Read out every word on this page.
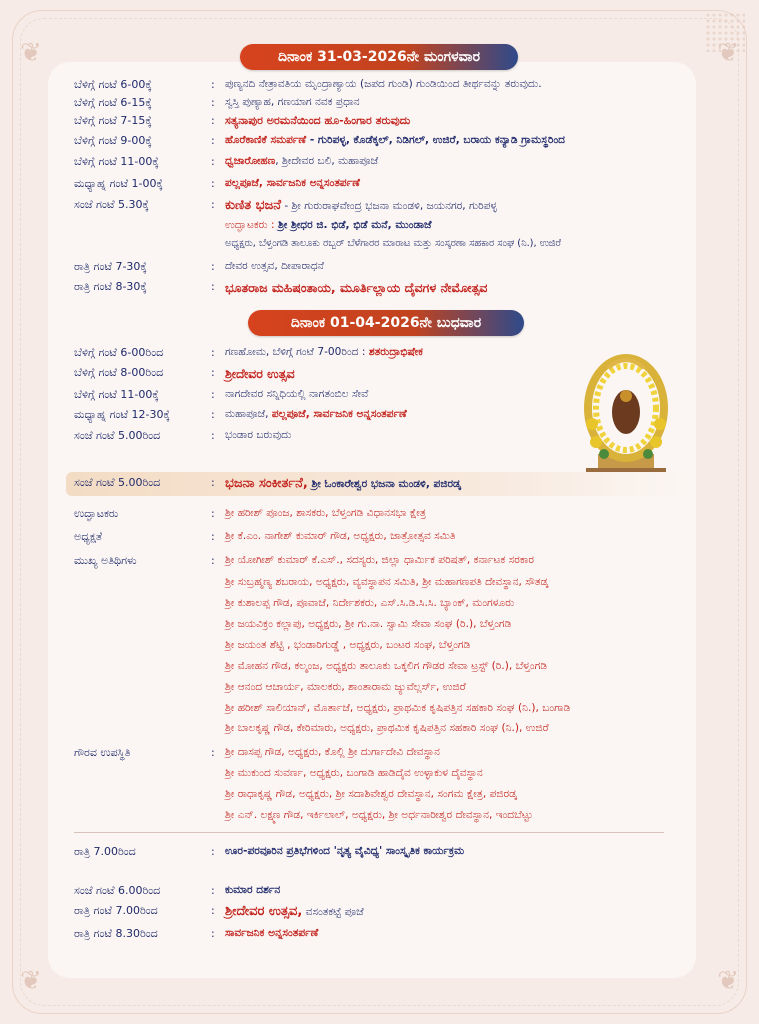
❦	❦
❦	❦
ದಿನಾಂಕ 31-03-2026ನೇ ಮಂಗಳವಾರ
ಬೆಳಿಗ್ಗೆ ಗಂಟೆ 6-00ಕ್ಕೆ	: ಪುಣ್ಯನದಿ ನೇತ್ರಾವತಿಯ ಮೃಂದ್ರಾಣ್ಯಾಯ (ಜಪದ ಗುಂಡಿ) ಗುಂಡಿಯಿಂದ ತೀರ್ಥವನ್ನು ತರುವುದು.
ಬೆಳಿಗ್ಗೆ ಗಂಟೆ 6-15ಕ್ಕೆ	: ಸ್ವಸ್ತಿ ಪುಣ್ಯಾಹ, ಗಣಯಾಗ ನವಕ ಪ್ರಧಾನ
ಬೆಳಿಗ್ಗೆ ಗಂಟೆ 7-15ಕ್ಕೆ	: ಸತ್ಯನಾಪುರ ಅರಮನೆಯಿಂದ ಹೂ-ಹಿಂಗಾರ ತರುವುದು
ಬೆಳಿಗ್ಗೆ ಗಂಟೆ 9-00ಕ್ಕೆ	: ಹೊರೆಕಾಣಿಕೆ ಸಮರ್ಪಣೆ - ಗುರಿಪಳ್ಳ, ಕೊಡೆಕ್ಕಲ್, ನಿಡಿಗಲ್, ಉಜಿರೆ, ಬರಾಯ ಕನ್ಯಾಡಿ ಗ್ರಾಮಸ್ಥರಿಂದ
ಬೆಳಿಗ್ಗೆ ಗಂಟೆ 11-00ಕ್ಕೆ	: ಧ್ವಜಾರೋಹಣ, ಶ್ರೀದೇವರ ಬಲಿ, ಮಹಾಪೂಜೆ
ಮಧ್ಯಾಹ್ನ ಗಂಟೆ 1-00ಕ್ಕೆ	: ಪಲ್ಲಪೂಜೆ, ಸಾರ್ವಜನಿಕ ಅನ್ನಸಂತರ್ಪಣೆ
ಸಂಜೆ ಗಂಟೆ 5.30ಕ್ಕೆ	: ಕುಣಿತ ಭಜನೆ - ಶ್ರೀ ಗುರುರಾಘವೇಂದ್ರ ಭಜನಾ ಮಂಡಳಿ, ಜಯನಗರ, ಗುರಿಪಳ್ಳ
ಉದ್ಘಾಟಕರು : ಶ್ರೀ ಶ್ರೀಧರ ಜಿ. ಭಿಡೆ, ಭಿಡೆ ಮನೆ, ಮುಂಡಾಜೆ
ಅಧ್ಯಕ್ಷರು, ಬೆಳ್ತಂಗಡಿ ತಾಲೂಕು ರಬ್ಬರ್ ಬೆಳೆಗಾರರ ಮಾರಾಟ ಮತ್ತು ಸಂಸ್ಕರಣಾ ಸಹಕಾರ ಸಂಘ (ನಿ.), ಉಜಿರೆ
ರಾತ್ರಿ ಗಂಟೆ 7-30ಕ್ಕೆ	: ದೇವರ ಉತ್ಸವ, ದೀಪಾರಾಧನೆ
ರಾತ್ರಿ ಗಂಟೆ 8-30ಕ್ಕೆ	: ಭೂತರಾಜ ಮಹಿಷಂತಾಯ, ಮೂರ್ತಿಲ್ಲಾಯ ದೈವಗಳ ನೇಮೋತ್ಸವ
ದಿನಾಂಕ 01-04-2026ನೇ ಬುಧವಾರ
ಬೆಳಿಗ್ಗೆ ಗಂಟೆ 6-00ರಿಂದ	: ಗಣಹೋಮ, ಬೆಳಿಗ್ಗೆ ಗಂಟೆ 7-00ರಿಂದ : ಶತರುದ್ರಾಭಿಷೇಕ
ಬೆಳಿಗ್ಗೆ ಗಂಟೆ 8-00ರಿಂದ	: ಶ್ರೀದೇವರ ಉತ್ಸವ
ಬೆಳಿಗ್ಗೆ ಗಂಟೆ 11-00ಕ್ಕೆ	: ನಾಗದೇವರ ಸನ್ನಿಧಿಯಲ್ಲಿ ನಾಗತಂಬಿಲ ಸೇವೆ
ಮಧ್ಯಾಹ್ನ ಗಂಟೆ 12-30ಕ್ಕೆ	: ಮಹಾಪೂಜೆ, ಪಲ್ಲಪೂಜೆ, ಸಾರ್ವಜನಿಕ ಅನ್ನಸಂತರ್ಪಣೆ
ಸಂಜೆ ಗಂಟೆ 5.00ರಿಂದ	: ಭಂಡಾರ ಬರುವುದು
ಸಂಜೆ ಗಂಟೆ 5.00ರಿಂದ	: ಭಜನಾ ಸಂಕೀರ್ತನೆ, ಶ್ರೀ ಓಂಕಾರೇಶ್ವರ ಭಜನಾ ಮಂಡಳಿ, ಪಜಿರಡ್ಕ
ಉದ್ಘಾಟಕರು	: ಶ್ರೀ ಹರೀಶ್ ಪೂಂಜ, ಶಾಸಕರು, ಬೆಳ್ತಂಗಡಿ ವಿಧಾನಸಭಾ ಕ್ಷೇತ್ರ
ಅಧ್ಯಕ್ಷತೆ	: ಶ್ರೀ ಕೆ.ಎಂ. ನಾಗೇಶ್ ಕುಮಾರ್ ಗೌಡ, ಅಧ್ಯಕ್ಷರು, ಜಾತ್ರೋತ್ಸವ ಸಮಿತಿ
ಮುಖ್ಯ ಅತಿಥಿಗಳು	: ಶ್ರೀ ಯೋಗೀಶ್ ಕುಮಾರ್ ಕೆ.ಎಸ್., ಸದಸ್ಯರು, ಜಿಲ್ಲಾ ಧಾರ್ಮಿಕ ಪರಿಷತ್, ಕರ್ನಾಟಕ ಸರಕಾರ
ಶ್ರೀ ಸುಬ್ರಹ್ಮಣ್ಯ ಶಬರಾಯ, ಅಧ್ಯಕ್ಷರು, ವ್ಯವಸ್ಥಾಪನ ಸಮಿತಿ, ಶ್ರೀ ಮಹಾಗಣಪತಿ ದೇವಸ್ಥಾನ, ಸೌತಡ್ಕ
ಶ್ರೀ ಕುಶಾಲಪ್ಪ ಗೌಡ, ಪೂವಾಜೆ, ನಿರ್ದೇಶಕರು, ಎಸ್.ಸಿ.ಡಿ.ಸಿ.ಸಿ. ಬ್ಯಾಂಕ್, ಮಂಗಳೂರು
ಶ್ರೀ ಜಯವಿಕ್ರಂ ಕಲ್ಲಾಪು, ಅಧ್ಯಕ್ಷರು, ಶ್ರೀ ಗು.ನಾ. ಸ್ವಾಮಿ ಸೇವಾ ಸಂಘ (ರಿ.), ಬೆಳ್ತಂಗಡಿ
ಶ್ರೀ ಜಯಂತ ಶೆಟ್ಟಿ , ಭಂಡಾರಿಗುಡ್ಡೆ , ಅಧ್ಯಕ್ಷರು, ಬಂಟರ ಸಂಘ, ಬೆಳ್ತಂಗಡಿ
ಶ್ರೀ ಮೋಹನ ಗೌಡ, ಕಲ್ಮಂಜ, ಅಧ್ಯಕ್ಷರು ತಾಲೂಕು ಒಕ್ಕಲಿಗ ಗೌಡರ ಸೇವಾ ಟ್ರಸ್ಟ್ (ರಿ.), ಬೆಳ್ತಂಗಡಿ
ಶ್ರೀ ಆನಂದ ಆಚಾರ್ಯ, ಮಾಲಕರು, ಶಾಂತಾರಾಮ ಜ್ಯುವೆಲ್ಲರ್ಸ್, ಉಜಿರೆ
ಶ್ರೀ ಹರೀಶ್ ಸಾಲಿಯಾನ್, ಮೊರ್ತಾಜೆ, ಅಧ್ಯಕ್ಷರು, ಪ್ರಾಥಮಿಕ ಕೃಷಿಪತ್ತಿನ ಸಹಕಾರಿ ಸಂಘ (ನಿ.), ಬಂಗಾಡಿ
ಶ್ರೀ ಬಾಲಕೃಷ್ಣ ಗೌಡ, ಕೇರಿಮಾರು, ಅಧ್ಯಕ್ಷರು, ಪ್ರಾಥಮಿಕ ಕೃಷಿಪತ್ತಿನ ಸಹಕಾರಿ ಸಂಘ (ನಿ.), ಉಜಿರೆ
ಗೌರವ ಉಪಸ್ಥಿತಿ	: ಶ್ರೀ ದಾಸಪ್ಪ ಗೌಡ, ಅಧ್ಯಕ್ಷರು, ಕೊಲ್ಲಿ ಶ್ರೀ ದುರ್ಗಾದೇವಿ ದೇವಸ್ಥಾನ
ಶ್ರೀ ಮುಕುಂದ ಸುವರ್ಣ, ಅಧ್ಯಕ್ಷರು, ಬಂಗಾಡಿ ಹಾಡಿದೈವ ಉಳ್ಳಾಕುಳ ದೈವಸ್ಥಾನ
ಶ್ರೀ ರಾಧಾಕೃಷ್ಣ ಗೌಡ, ಅಧ್ಯಕ್ಷರು, ಶ್ರೀ ಸದಾಶಿವೇಶ್ವರ ದೇವಸ್ಥಾನ, ಸಂಗಮ ಕ್ಷೇತ್ರ, ಪಜಿರಡ್ಕ
ಶ್ರೀ ಎನ್. ಲಕ್ಷ್ಮಣ ಗೌಡ, ಇರ್ಕಿಲಾಲ್, ಅಧ್ಯಕ್ಷರು, ಶ್ರೀ ಅರ್ಧನಾರೀಶ್ವರ ದೇವಸ್ಥಾನ, ಇಂದಬೆಟ್ಟು
ರಾತ್ರಿ 7.00ರಿಂದ	: ಊರ-ಪರವೂರಿನ ಪ್ರತಿಭೆಗಳಿಂದ 'ನೃತ್ಯ ವೈವಿಧ್ಯ' ಸಾಂಸ್ಕೃತಿಕ ಕಾರ್ಯಕ್ರಮ
ಸಂಜೆ ಗಂಟೆ 6.00ರಿಂದ	: ಕುಮಾರ ದರ್ಶನ
ರಾತ್ರಿ ಗಂಟೆ 7.00ರಿಂದ	: ಶ್ರೀದೇವರ ಉತ್ಸವ, ವಸಂತಕಟ್ಟೆ ಪೂಜೆ
ರಾತ್ರಿ ಗಂಟೆ 8.30ರಿಂದ	: ಸಾರ್ವಜನಿಕ ಅನ್ನಸಂತರ್ಪಣೆ
